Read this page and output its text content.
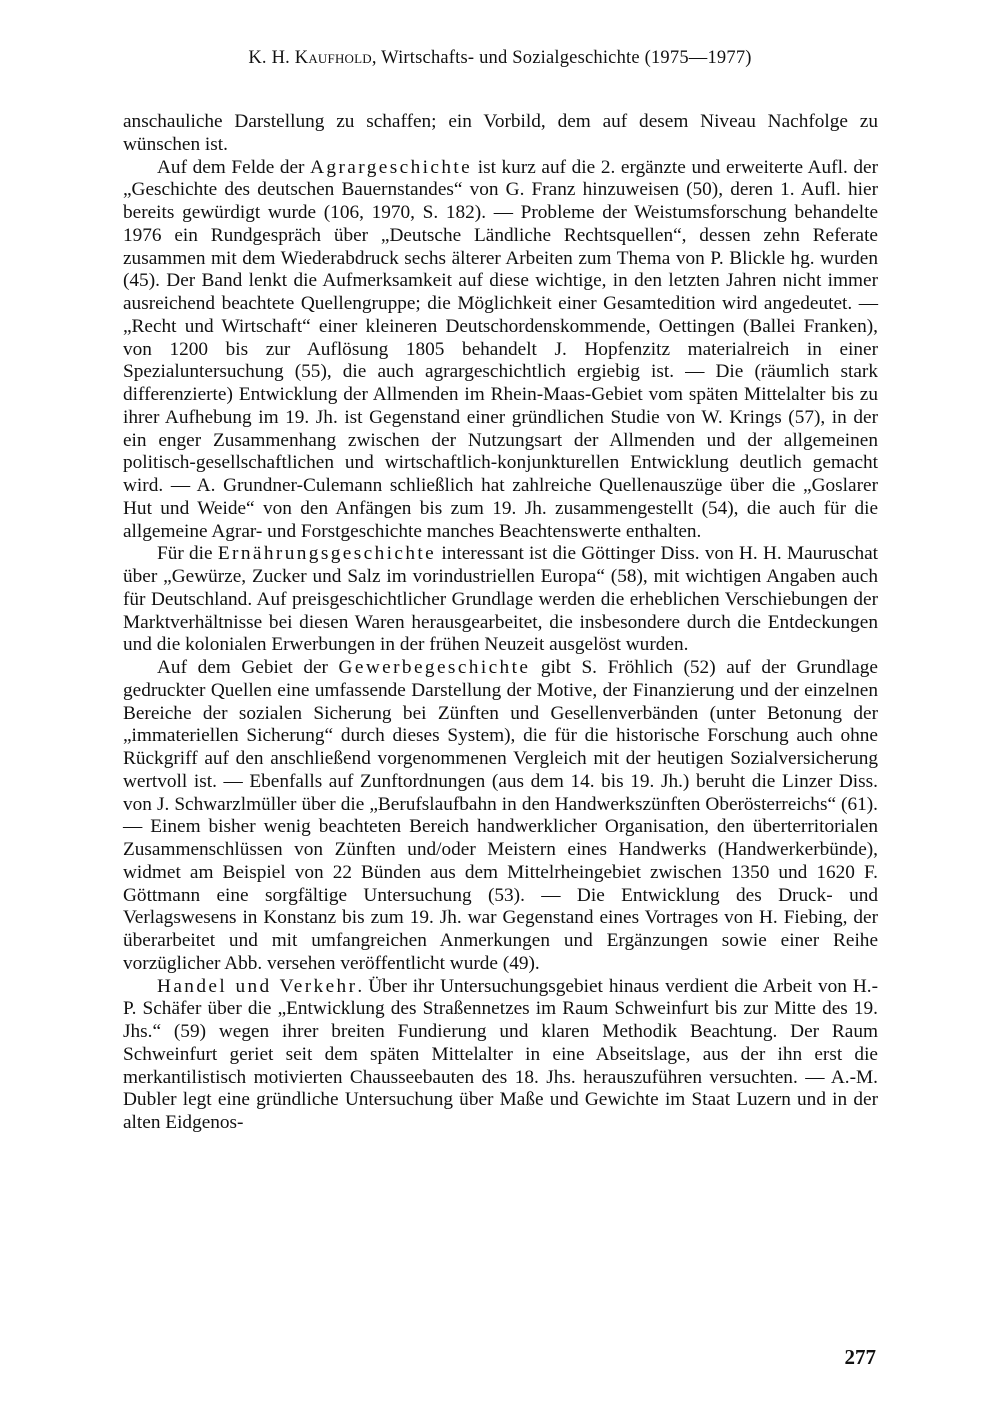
K. H. Kaufhold, Wirtschafts- und Sozialgeschichte (1975—1977)

anschauliche Darstellung zu schaffen; ein Vorbild, dem auf desem Niveau Nachfolge zu wünschen ist.

Auf dem Felde der Agrargeschichte ist kurz auf die 2. ergänzte und erweiterte Aufl. der „Geschichte des deutschen Bauernstandes“ von G. Franz hinzuweisen (50), deren 1. Aufl. hier bereits gewürdigt wurde (106, 1970, S. 182). — Probleme der Weistumsforschung behandelte 1976 ein Rundgespräch über „Deutsche Ländliche Rechtsquellen“, dessen zehn Referate zusammen mit dem Wiederabdruck sechs älterer Arbeiten zum Thema von P. Blickle hg. wurden (45). Der Band lenkt die Aufmerksamkeit auf diese wichtige, in den letzten Jahren nicht immer ausreichend beachtete Quellengruppe; die Möglichkeit einer Gesamtedition wird angedeutet. — „Recht und Wirtschaft“ einer kleineren Deutschordenskommende, Oettingen (Ballei Franken), von 1200 bis zur Auflösung 1805 behandelt J. Hopfenzitz materialreich in einer Spezialuntersuchung (55), die auch agrargeschichtlich ergiebig ist. — Die (räumlich stark differenzierte) Entwicklung der Allmenden im Rhein-Maas-Gebiet vom späten Mittelalter bis zu ihrer Aufhebung im 19. Jh. ist Gegenstand einer gründlichen Studie von W. Krings (57), in der ein enger Zusammenhang zwischen der Nutzungsart der Allmenden und der allgemeinen politisch-gesellschaftlichen und wirtschaftlich-konjunkturellen Entwicklung deutlich gemacht wird. — A. Grundner-Culemann schließlich hat zahlreiche Quellenauszüge über die „Goslarer Hut und Weide“ von den Anfängen bis zum 19. Jh. zusammengestellt (54), die auch für die allgemeine Agrar- und Forstgeschichte manches Beachtenswerte enthalten.

Für die Ernährungsgeschichte interessant ist die Göttinger Diss. von H. H. Mauruschat über „Gewürze, Zucker und Salz im vorindustriellen Europa“ (58), mit wichtigen Angaben auch für Deutschland. Auf preisgeschichtlicher Grundlage werden die erheblichen Verschiebungen der Marktverhältnisse bei diesen Waren herausgearbeitet, die insbesondere durch die Entdeckungen und die kolonialen Erwerbungen in der frühen Neuzeit ausgelöst wurden.

Auf dem Gebiet der Gewerbegeschichte gibt S. Fröhlich (52) auf der Grundlage gedruckter Quellen eine umfassende Darstellung der Motive, der Finanzierung und der einzelnen Bereiche der sozialen Sicherung bei Zünften und Gesellenverbänden (unter Betonung der „immateriellen Sicherung“ durch dieses System), die für die historische Forschung auch ohne Rückgriff auf den anschließend vorgenommenen Vergleich mit der heutigen Sozialversicherung wertvoll ist. — Ebenfalls auf Zunftordnungen (aus dem 14. bis 19. Jh.) beruht die Linzer Diss. von J. Schwarzlmüller über die „Berufslaufbahn in den Handwerkszünften Oberösterreichs“ (61). — Einem bisher wenig beachteten Bereich handwerklicher Organisation, den überterritorialen Zusammenschlüssen von Zünften und/oder Meistern eines Handwerks (Handwerkerbünde), widmet am Beispiel von 22 Bünden aus dem Mittelrheingebiet zwischen 1350 und 1620 F. Göttmann eine sorgfältige Untersuchung (53). — Die Entwicklung des Druck- und Verlagswesens in Konstanz bis zum 19. Jh. war Gegenstand eines Vortrages von H. Fiebing, der überarbeitet und mit umfangreichen Anmerkungen und Ergänzungen sowie einer Reihe vorzüglicher Abb. versehen veröffentlicht wurde (49).

Handel und Verkehr. Über ihr Untersuchungsgebiet hinaus verdient die Arbeit von H.-P. Schäfer über die „Entwicklung des Straßennetzes im Raum Schweinfurt bis zur Mitte des 19. Jhs.“ (59) wegen ihrer breiten Fundierung und klaren Methodik Beachtung. Der Raum Schweinfurt geriet seit dem späten Mittelalter in eine Abseitslage, aus der ihn erst die merkantilistisch motivierten Chausseebauten des 18. Jhs. herauszuführen versuchten. — A.-M. Dubler legt eine gründliche Untersuchung über Maße und Gewichte im Staat Luzern und in der alten Eidgenos-

277
